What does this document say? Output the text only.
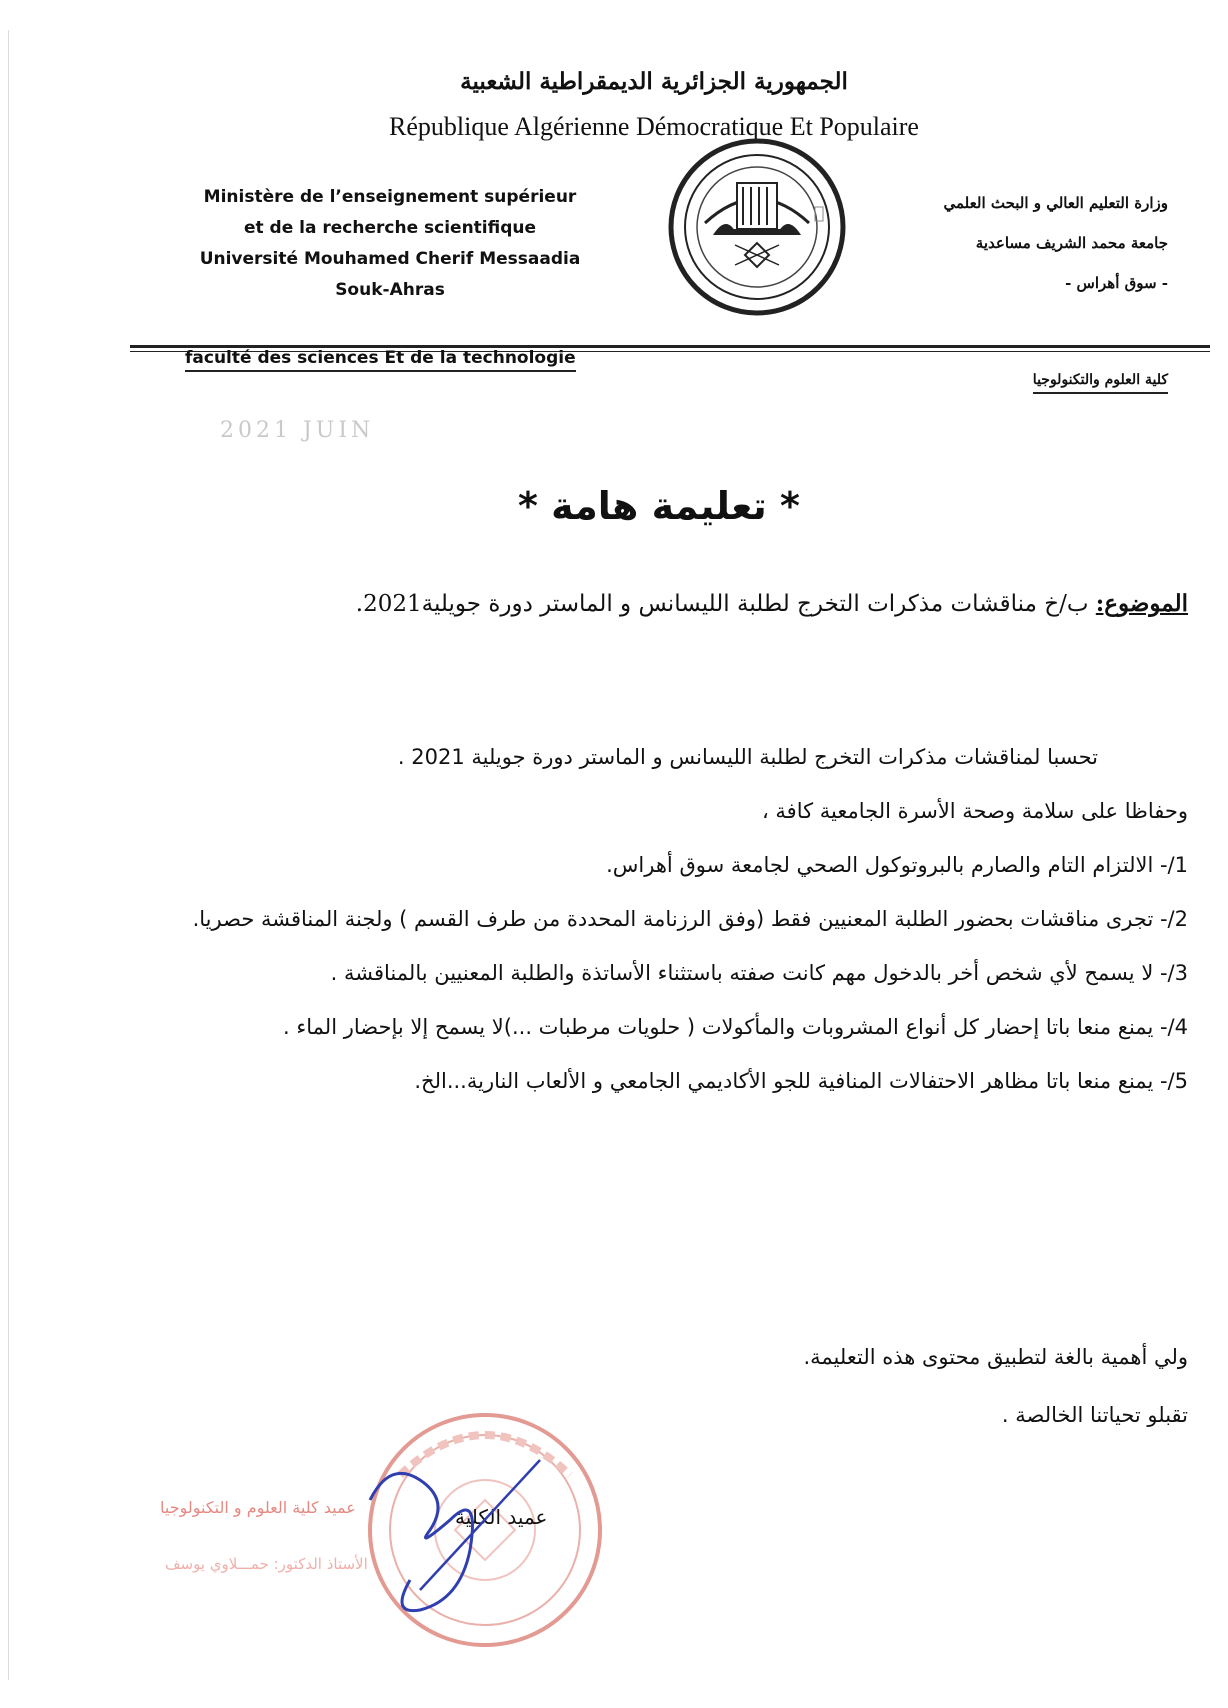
الجمهورية الجزائرية الديمقراطية الشعبية
République Algérienne Démocratique Et Populaire
Ministère de l’enseignement supérieur
et de la recherche scientifique
Université Mouhamed Cherif Messaadia
Souk-Ahras
وزارة التعليم العالي و البحث العلمي
جامعة محمد الشريف مساعدية
- سوق أهراس -
faculté des sciences Et de la technologie
كلية العلوم والتكنولوجيا
2021 JUIN
* تعليمة هامة *
الموضوع: ب/خ مناقشات مذكرات التخرج لطلبة الليسانس و الماستر دورة جويلية2021.

تحسبا لمناقشات مذكرات التخرج لطلبة الليسانس و الماستر دورة جويلية 2021 .

وحفاظا على سلامة وصحة الأسرة الجامعية كافة ،

1/- الالتزام التام والصارم بالبروتوكول الصحي لجامعة سوق أهراس.

2/- تجرى مناقشات بحضور الطلبة المعنيين فقط (وفق الرزنامة المحددة من طرف القسم ) ولجنة المناقشة حصريا.

3/- لا يسمح لأي شخص أخر بالدخول مهم كانت صفته باستثناء الأساتذة والطلبة المعنيين بالمناقشة .

4/- يمنع منعا باتا إحضار كل أنواع المشروبات والمأكولات ( حلويات مرطبات ...)لا يسمح إلا بإحضار الماء .

5/- يمنع منعا باتا مظاهر الاحتفالات المنافية للجو الأكاديمي الجامعي و الألعاب النارية...الخ.

ولي أهمية بالغة لتطبيق محتوى هذه التعليمة.

تقبلو تحياتنا الخالصة .

عميد كلية العلوم و التكنولوجيا
الأستاذ الدكتور: حمـــلاوي يوسف
عميد الكلية
